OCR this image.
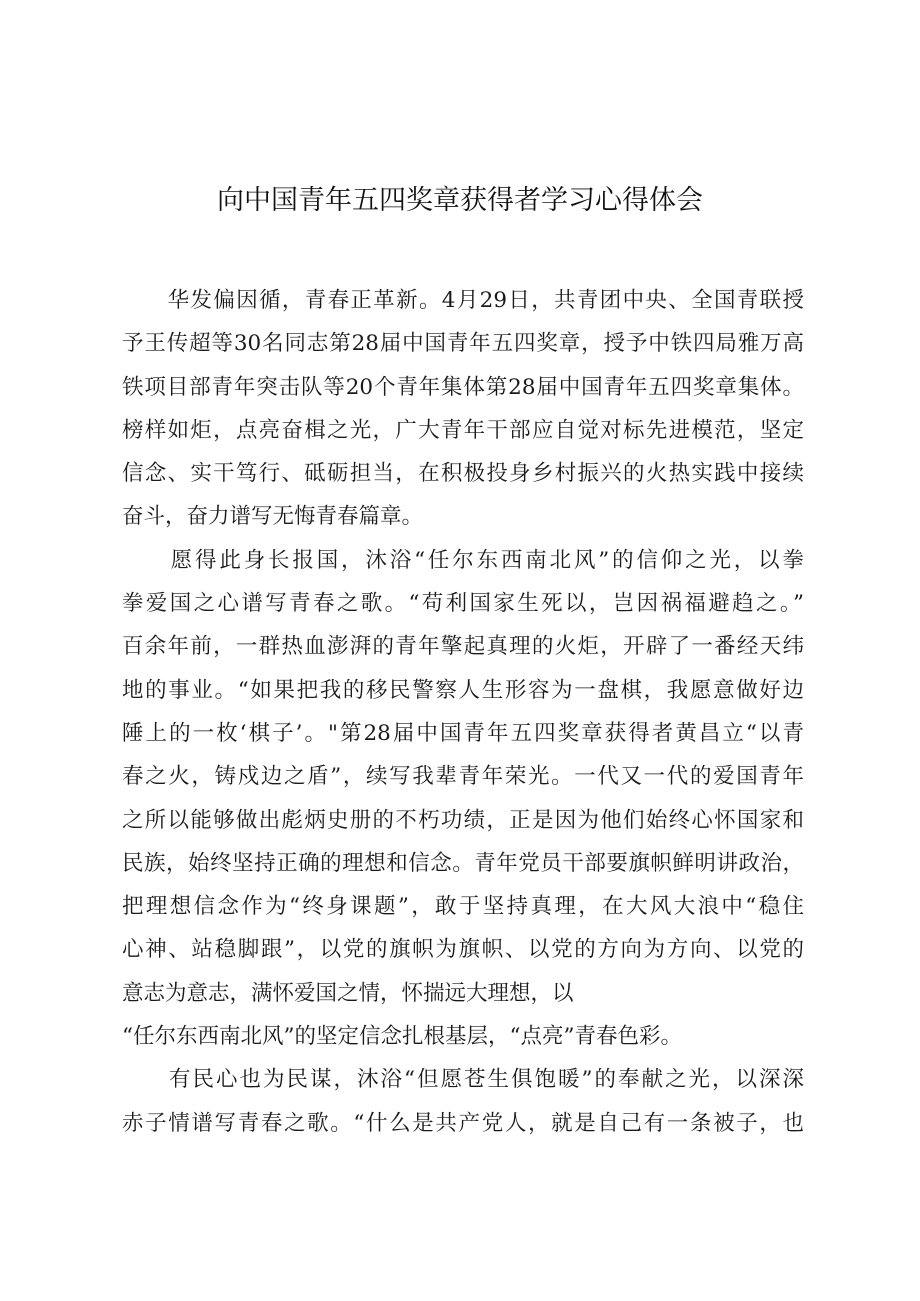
向中国青年五四奖章获得者学习心得体会
　　华发偏因循，青春正革新。4月29日，共青团中央、全国青联授
予王传超等30名同志第28届中国青年五四奖章，授予中铁四局雅万高
铁项目部青年突击队等20个青年集体第28届中国青年五四奖章集体。
榜样如炬，点亮奋楫之光，广大青年干部应自觉对标先进模范，坚定
信念、实干笃行、砥砺担当，在积极投身乡村振兴的火热实践中接续
奋斗，奋力谱写无悔青春篇章。
　　愿得此身长报国，沐浴“任尔东西南北风”的信仰之光，以拳
拳爱国之心谱写青春之歌。“苟利国家生死以，岂因祸福避趋之。”
百余年前，一群热血澎湃的青年擎起真理的火炬，开辟了一番经天纬
地的事业。“如果把我的移民警察人生形容为一盘棋，我愿意做好边
陲上的一枚‘棋子’。"第28届中国青年五四奖章获得者黄昌立“以青
春之火，铸戍边之盾”，续写我辈青年荣光。一代又一代的爱国青年
之所以能够做出彪炳史册的不朽功绩，正是因为他们始终心怀国家和
民族，始终坚持正确的理想和信念。青年党员干部要旗帜鲜明讲政治，
把理想信念作为“终身课题”，敢于坚持真理，在大风大浪中“稳住
心神、站稳脚跟”，以党的旗帜为旗帜、以党的方向为方向、以党的
意志为意志，满怀爱国之情，怀揣远大理想，以
“任尔东西南北风”的坚定信念扎根基层，“点亮”青春色彩。
　　有民心也为民谋，沐浴“但愿苍生俱饱暖”的奉献之光，以深深
赤子情谱写青春之歌。“什么是共产党人，就是自己有一条被子，也
